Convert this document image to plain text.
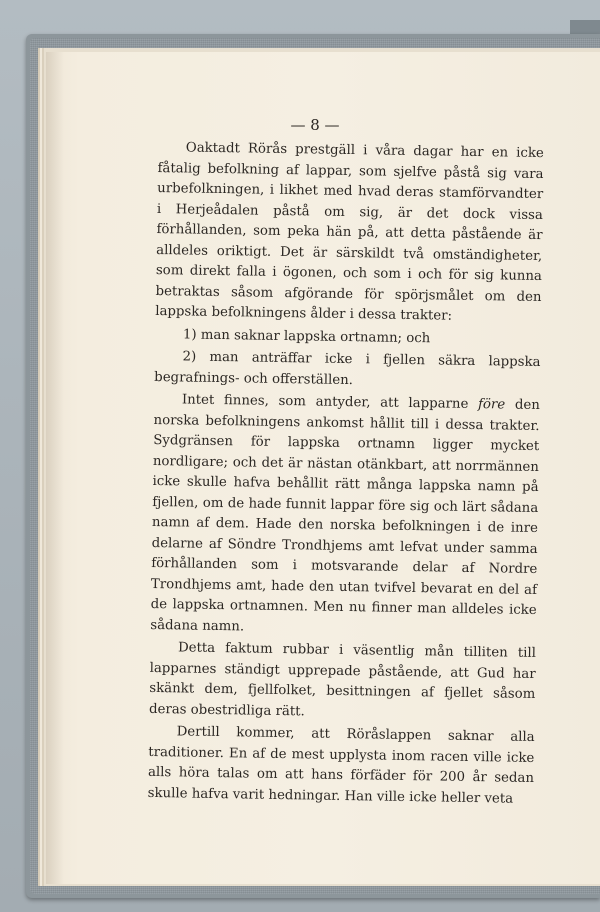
— 8 —

Oaktadt Rörås prestgäll i våra dagar har en icke fåtalig befolkning af lappar, som sjelfve påstå sig vara urbefolkningen, i likhet med hvad deras stamförvandter i Herjeådalen påstå om sig, är det dock vissa förhållanden, som peka hän på, att detta påstående är alldeles oriktigt. Det är särskildt två omständigheter, som direkt falla i ögonen, och som i och för sig kunna betraktas såsom afgörande för spörjsmålet om den lappska befolkningens ålder i dessa trakter:

1) man saknar lappska ortnamn; och

2) man anträffar icke i fjellen säkra lappska begrafnings- och offerställen.

Intet finnes, som antyder, att lapparne före den norska befolkningens ankomst hållit till i dessa trakter. Sydgränsen för lappska ortnamn ligger mycket nordligare; och det är nästan otänkbart, att norrmännen icke skulle hafva behållit rätt många lappska namn på fjellen, om de hade funnit lappar före sig och lärt sådana namn af dem. Hade den norska befolkningen i de inre delarne af Söndre Trondhjems amt lefvat under samma förhållanden som i motsvarande delar af Nordre Trondhjems amt, hade den utan tvifvel bevarat en del af de lappska ortnamnen. Men nu finner man alldeles icke sådana namn.

Detta faktum rubbar i väsentlig mån tilliten till lapparnes ständigt upprepade påstående, att Gud har skänkt dem, fjellfolket, besittningen af fjellet såsom deras obestridliga rätt.

Dertill kommer, att Röråslappen saknar alla traditioner. En af de mest upplysta inom racen ville icke alls höra talas om att hans förfäder för 200 år sedan skulle hafva varit hedningar. Han ville icke heller veta
